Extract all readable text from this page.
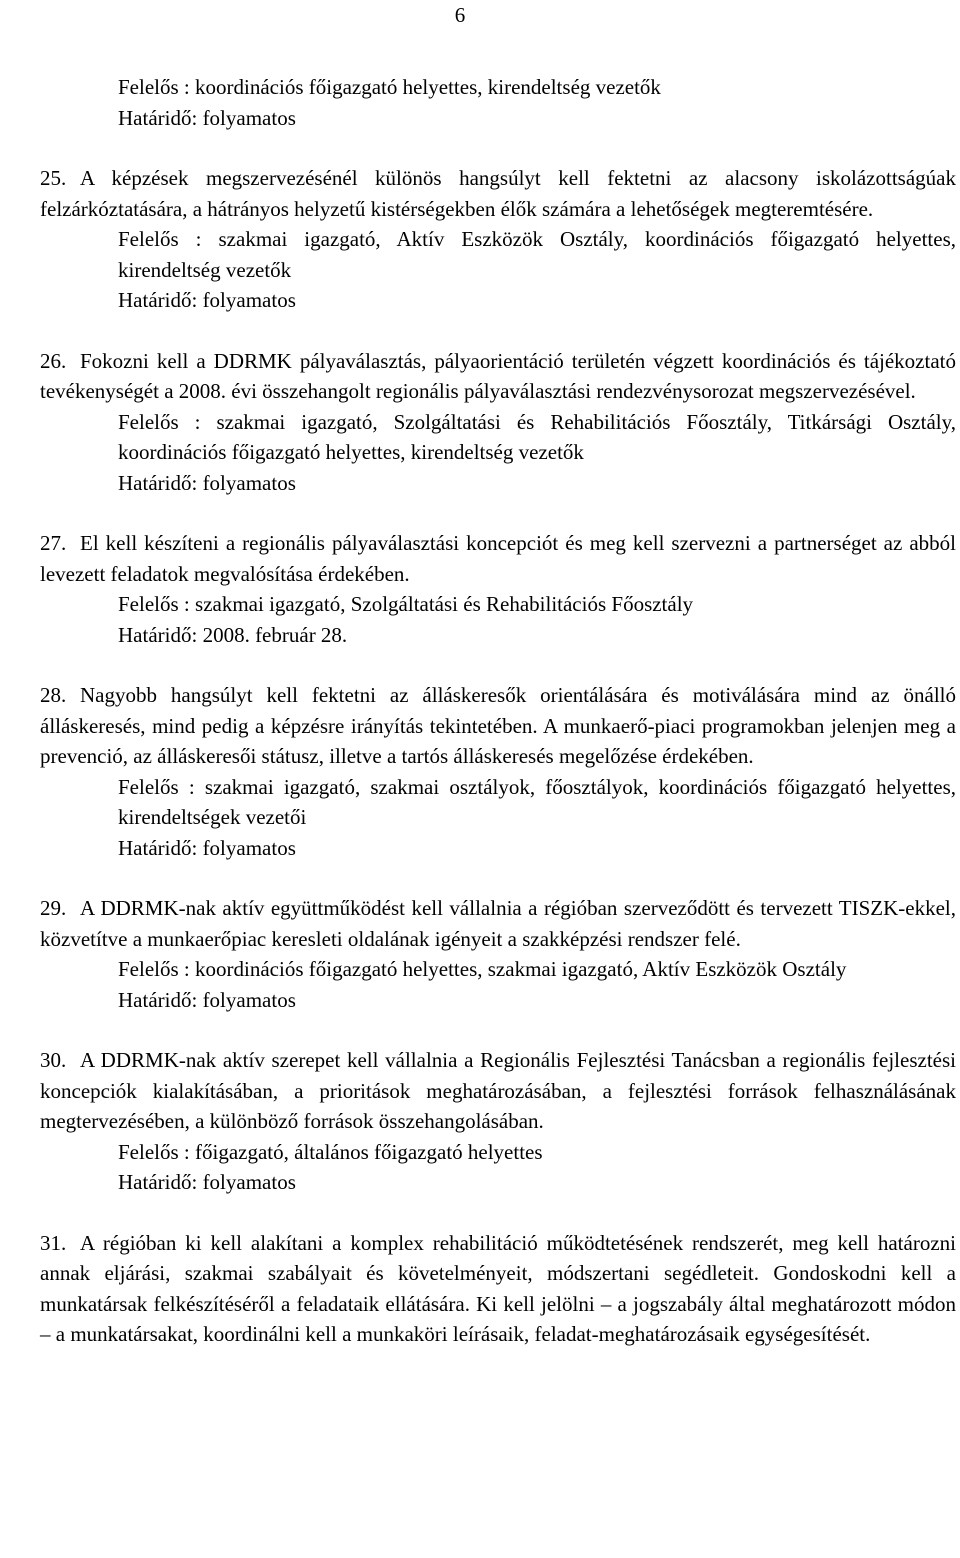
6
Felelős : koordinációs főigazgató helyettes, kirendeltség vezetők
Határidő: folyamatos
25. A képzések megszervezésénél különös hangsúlyt kell fektetni az alacsony iskolázottságúak felzárkóztatására, a hátrányos helyzetű kistérségekben élők számára a lehetőségek megteremtésére.
Felelős : szakmai igazgató, Aktív Eszközök Osztály, koordinációs főigazgató helyettes, kirendeltség vezetők
Határidő: folyamatos
26. Fokozni kell a DDRMK pályaválasztás, pályaorientáció területén végzett koordinációs és tájékoztató tevékenységét a 2008. évi összehangolt regionális pályaválasztási rendezvénysorozat megszervezésével.
Felelős : szakmai igazgató, Szolgáltatási és Rehabilitációs Főosztály, Titkársági Osztály, koordinációs főigazgató helyettes, kirendeltség vezetők
Határidő: folyamatos
27. El kell készíteni a regionális pályaválasztási koncepciót és meg kell szervezni a partnerséget az abból levezett feladatok megvalósítása érdekében.
Felelős : szakmai igazgató, Szolgáltatási és Rehabilitációs Főosztály
Határidő: 2008. február 28.
28. Nagyobb hangsúlyt kell fektetni az álláskeresők orientálására és motiválására mind az önálló álláskeresés, mind pedig a képzésre irányítás tekintetében. A munkaerő-piaci programokban jelenjen meg a prevenció, az álláskeresői státusz, illetve a tartós álláskeresés megelőzése érdekében.
Felelős : szakmai igazgató, szakmai osztályok, főosztályok, koordinációs főigazgató helyettes, kirendeltségek vezetői
Határidő: folyamatos
29. A DDRMK-nak aktív együttműködést kell vállalnia a régióban szerveződött és tervezett TISZK-ekkel, közvetítve a munkaerőpiac keresleti oldalának igényeit a szakképzési rendszer felé.
Felelős : koordinációs főigazgató helyettes, szakmai igazgató, Aktív Eszközök Osztály
Határidő: folyamatos
30. A DDRMK-nak aktív szerepet kell vállalnia a Regionális Fejlesztési Tanácsban a regionális fejlesztési koncepciók kialakításában, a prioritások meghatározásában, a fejlesztési források felhasználásának megtervezésében, a különböző források összehangolásában.
Felelős : főigazgató, általános főigazgató helyettes
Határidő: folyamatos
31. A régióban ki kell alakítani a komplex rehabilitáció működtetésének rendszerét, meg kell határozni annak eljárási, szakmai szabályait és követelményeit, módszertani segédleteit. Gondoskodni kell a munkatársak felkészítéséről a feladataik ellátására. Ki kell jelölni – a jogszabály által meghatározott módon – a munkatársakat, koordinálni kell a munkaköri leírásaik, feladat-meghatározásaik egységesítését.
